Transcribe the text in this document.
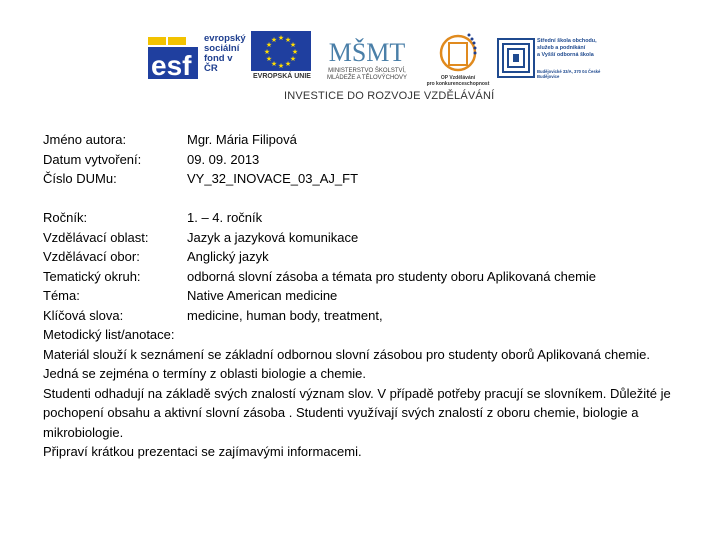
esf
evropský
sociální
fond v ČR
★ ★
★
★
★
★
★
★
★
★
★
★
EVROPSKÁ UNIE
MŠMT
MINISTERSTVO ŠKOLSTVÍ,
MLÁDEŽE A TĚLOVÝCHOVY	OP Vzdělávání
pro konkurenceschopnost
Střední škola obchodu,
služeb a podnikání
a Vyšší odborná škola
Budějovické 33/A, 370 04 České Budějovice
INVESTICE DO ROZVOJE VZDĚLÁVÁNÍ
Jméno autora:	Mgr. Mária Filipová
Datum vytvoření:	09. 09. 2013
Číslo DUMu:	VY_32_INOVACE_03_AJ_FT
Ročník:	1. – 4. ročník
Vzdělávací oblast:	Jazyk a jazyková komunikace
Vzdělávací obor:	Anglický jazyk
Tematický okruh:	odborná slovní zásoba a témata pro studenty oboru Aplikovaná chemie
Téma:	Native American medicine
Klíčová slova:	medicine, human body, treatment,
Metodický list/anotace:

Materiál slouží k seznámení se základní odbornou slovní zásobou pro studenty oborů Aplikovaná chemie. Jedná se zejména o termíny z oblasti biologie a chemie.

Studenti odhadují na základě svých znalostí význam slov. V případě potřeby pracují se slovníkem. Důležité je pochopení obsahu a aktivní slovní zásoba . Studenti využívají svých znalostí z oboru chemie, biologie a mikrobiologie.

Připraví krátkou prezentaci se zajímavými informacemi.
